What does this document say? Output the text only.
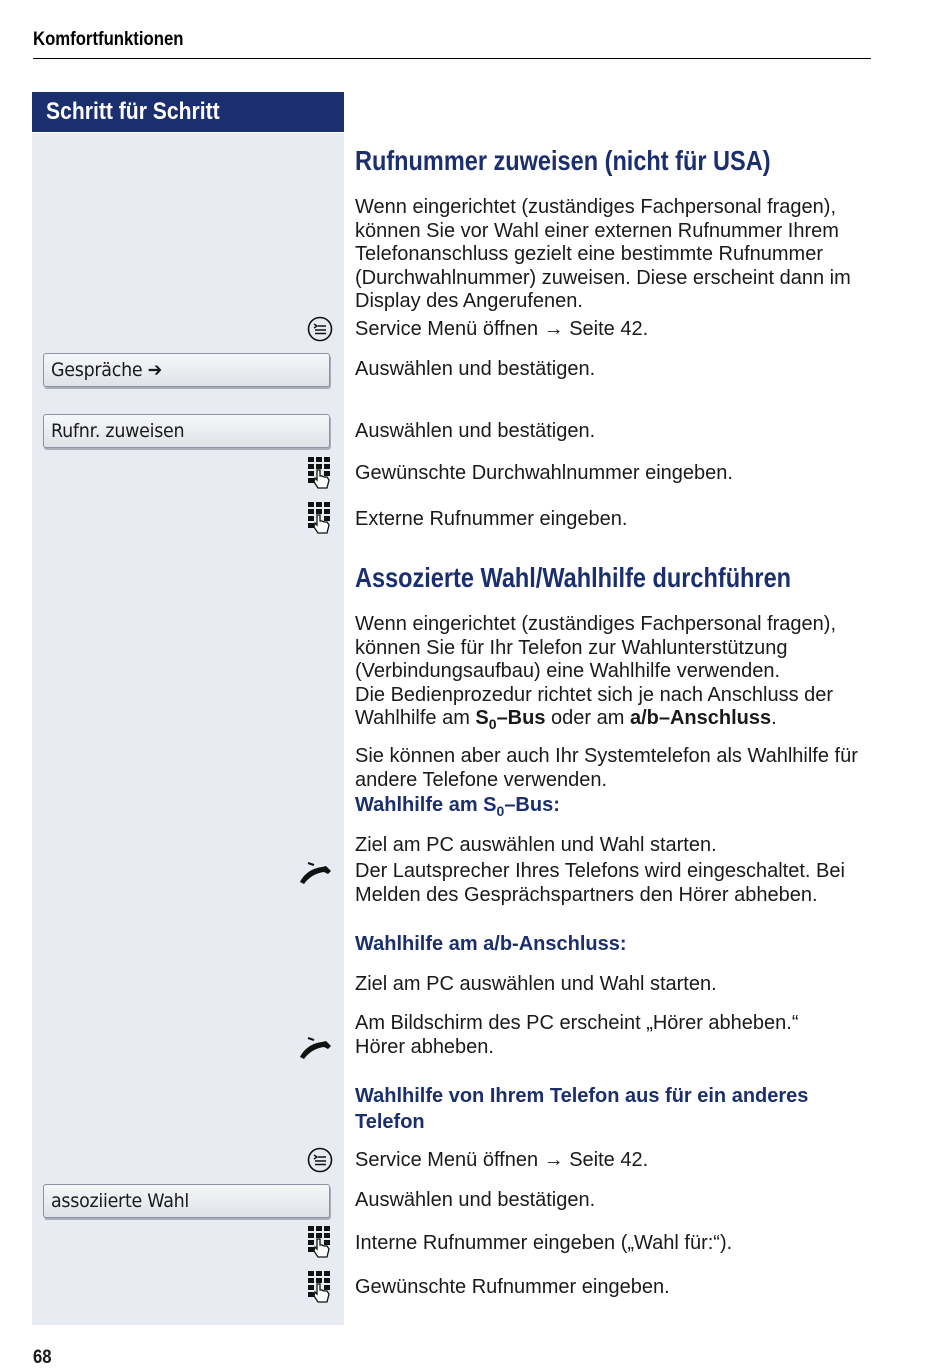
Komfortfunktionen
Schritt für Schritt
Gespräche ➔
Rufnr. zuweisen
assoziierte Wahl
Rufnummer zuweisen (nicht für USA)
Wenn eingerichtet (zuständiges Fachpersonal fragen), können Sie vor Wahl einer externen Rufnummer Ihrem Telefonanschluss gezielt eine bestimmte Rufnummer (Durchwahlnummer) zuweisen. Diese erscheint dann im Display des Angerufenen.
Service Menü öffnen → Seite 42.
Auswählen und bestätigen.
Auswählen und bestätigen.
Gewünschte Durchwahlnummer eingeben.
Externe Rufnummer eingeben.
Assozierte Wahl/Wahlhilfe durchführen
Wenn eingerichtet (zuständiges Fachpersonal fragen), können Sie für Ihr Telefon zur Wahlunterstützung (Verbindungsaufbau) eine Wahlhilfe verwenden.
Die Bedienprozedur richtet sich je nach Anschluss der Wahlhilfe am $S_0$–Bus oder am a/b–Anschluss.
Sie können aber auch Ihr Systemtelefon als Wahlhilfe für andere Telefone verwenden.
Wahlhilfe am $S_0$–Bus:
Ziel am PC auswählen und Wahl starten.
Der Lautsprecher Ihres Telefons wird eingeschaltet. Bei Melden des Gesprächspartners den Hörer abheben.
Wahlhilfe am a/b-Anschluss:
Ziel am PC auswählen und Wahl starten.
Am Bildschirm des PC erscheint „Hörer abheben.“
Hörer abheben.
Wahlhilfe von Ihrem Telefon aus für ein anderes Telefon
Service Menü öffnen → Seite 42.
Auswählen und bestätigen.
Interne Rufnummer eingeben („Wahl für:“).
Gewünschte Rufnummer eingeben.
68
